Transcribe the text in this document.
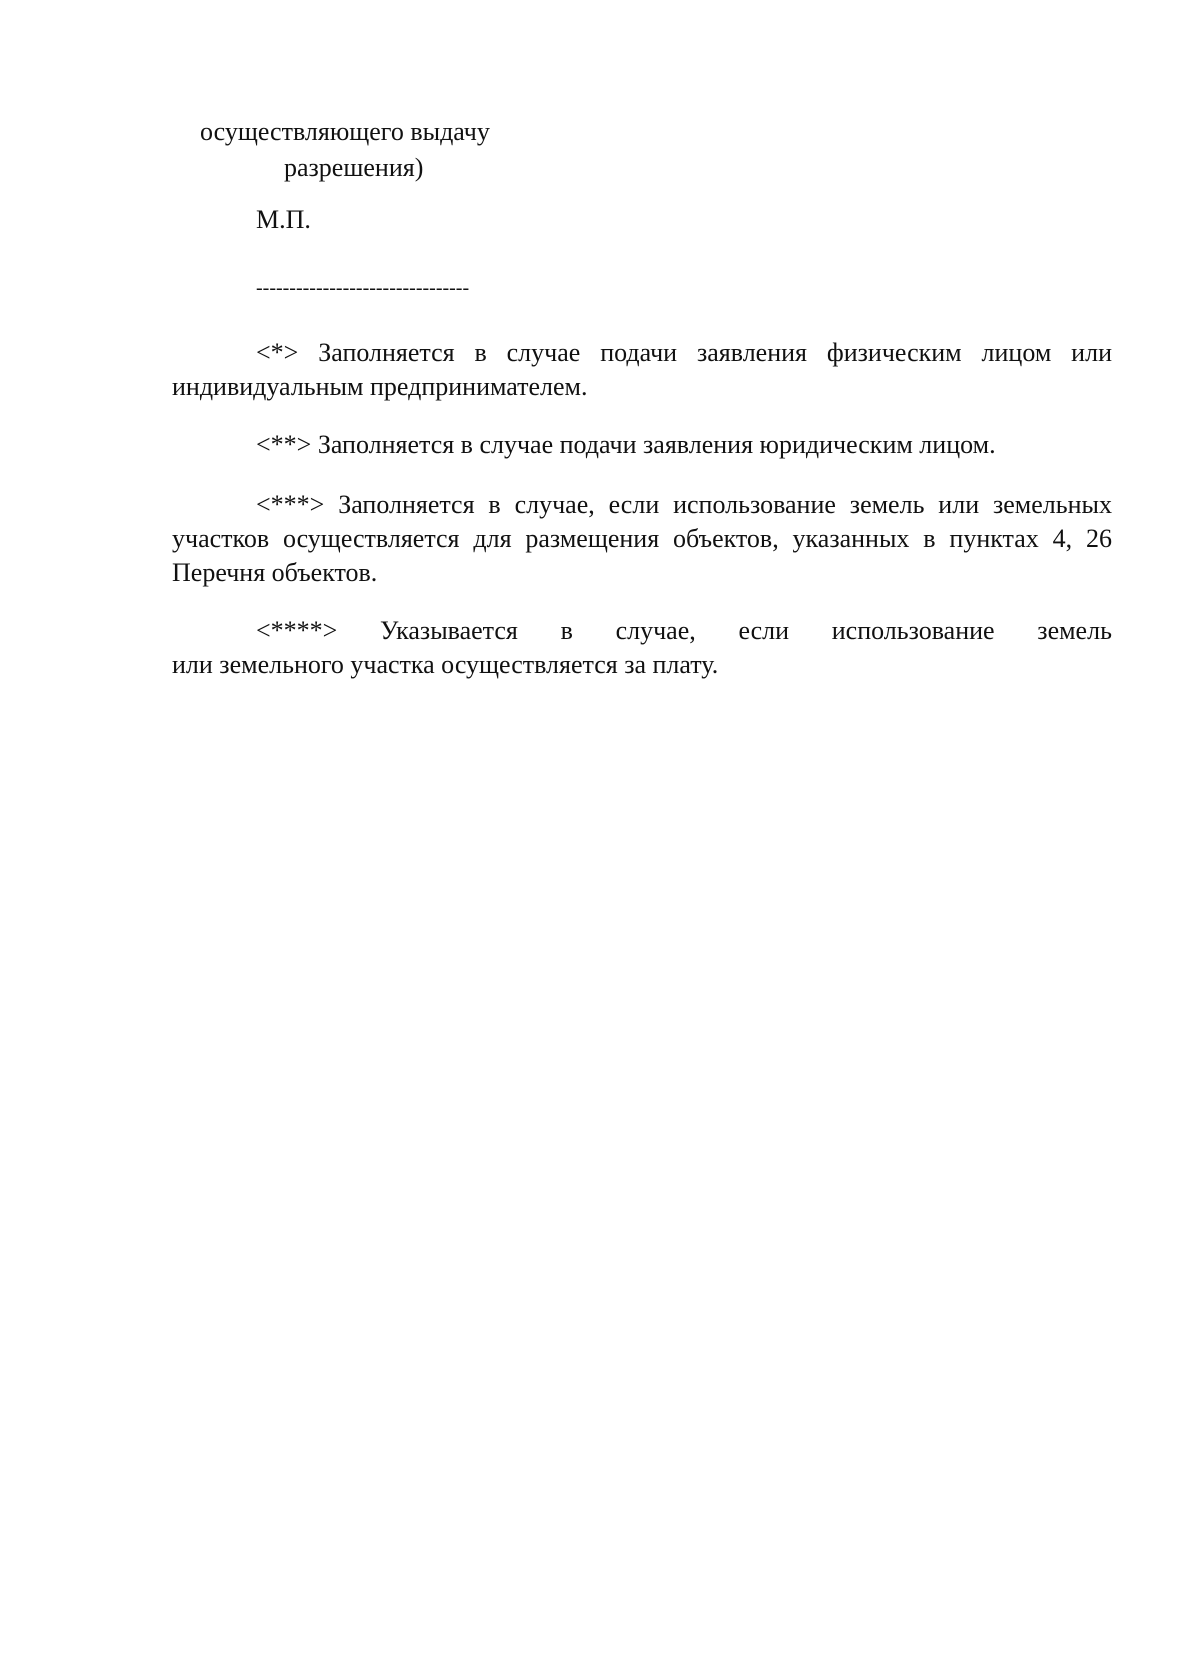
осуществляющего выдачу
разрешения)
М.П.
--------------------------------
<*> Заполняется в случае подачи заявления физическим лицом или индивидуальным предпринимателем.
<**> Заполняется в случае подачи заявления юридическим лицом.
<***> Заполняется в случае, если использование земель или земельных участков осуществляется для размещения объектов, указанных в пунктах 4, 26 Перечня объектов.
<****> Указывается в случае, если использование земель
или земельного участка осуществляется за плату.
